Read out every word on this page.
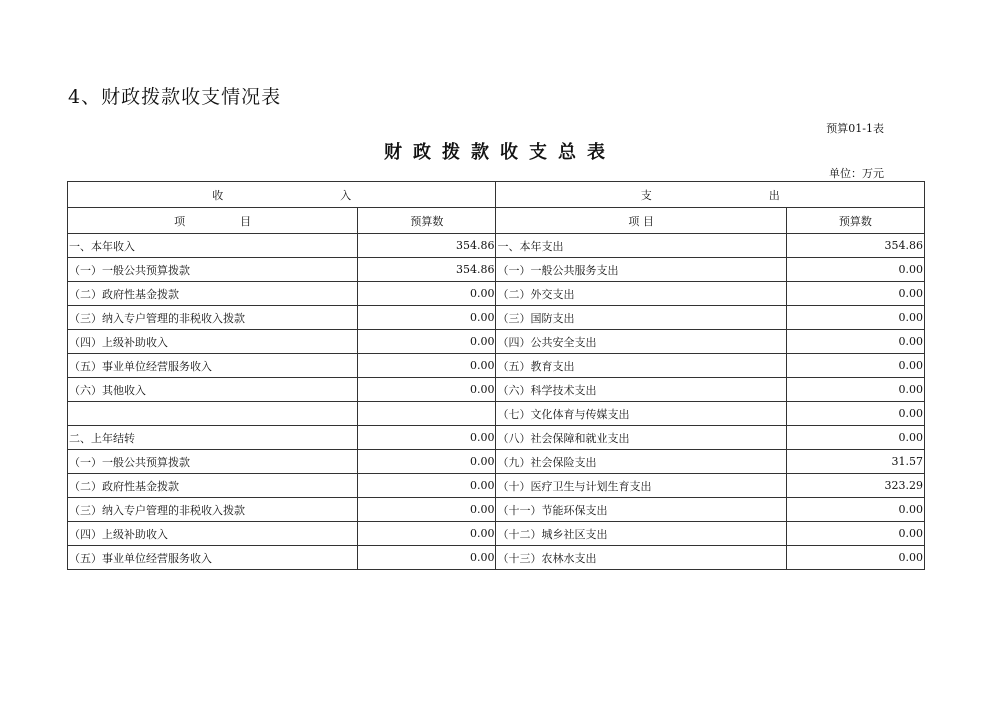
4、财政拨款收支情况表
预算01-1表
财政拨款收支总表
单位：万元
收 入		支 出	
项 目	预算数	项 目	预算数
一、本年收入	354.86	一、本年支出	354.86
（一）一般公共预算拨款	354.86	（一）一般公共服务支出	0.00
（二）政府性基金拨款	0.00	（二）外交支出	0.00
（三）纳入专户管理的非税收入拨款	0.00	（三）国防支出	0.00
（四）上级补助收入	0.00	（四）公共安全支出	0.00
（五）事业单位经营服务收入	0.00	（五）教育支出	0.00
（六）其他收入	0.00	（六）科学技术支出	0.00
		（七）文化体育与传媒支出	0.00
二、上年结转	0.00	（八）社会保障和就业支出	0.00
（一）一般公共预算拨款	0.00	（九）社会保险支出	31.57
（二）政府性基金拨款	0.00	（十）医疗卫生与计划生育支出	323.29
（三）纳入专户管理的非税收入拨款	0.00	（十一）节能环保支出	0.00
（四）上级补助收入	0.00	（十二）城乡社区支出	0.00
（五）事业单位经营服务收入	0.00	（十三）农林水支出	0.00
